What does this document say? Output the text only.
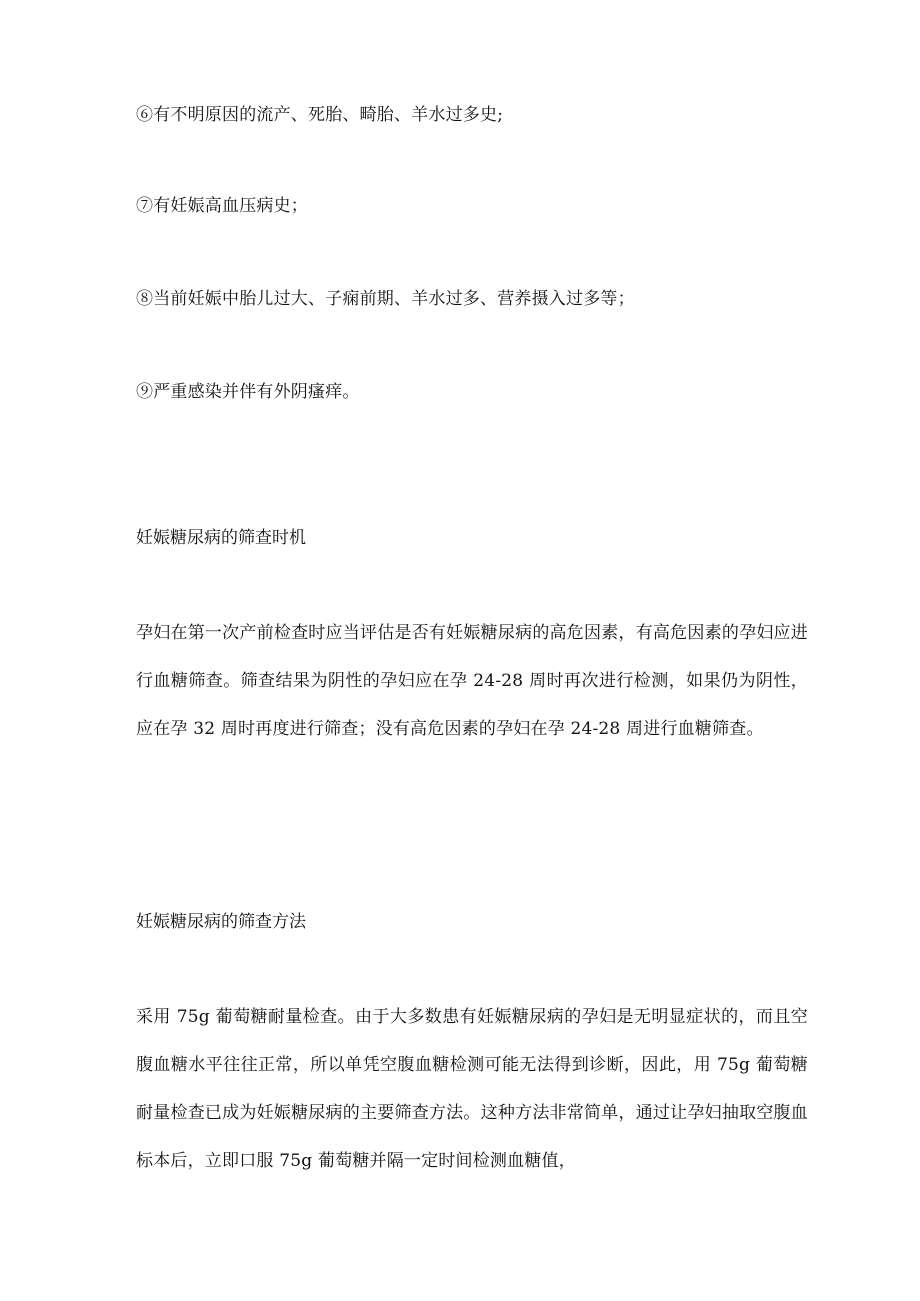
⑥有不明原因的流产、死胎、畸胎、羊水过多史;
⑦有妊娠高血压病史；
⑧当前妊娠中胎儿过大、子痫前期、羊水过多、营养摄入过多等；
⑨严重感染并伴有外阴瘙痒。
妊娠糖尿病的筛查时机
孕妇在第一次产前检查时应当评估是否有妊娠糖尿病的高危因素，有高危因素的孕妇应进行血糖筛查。筛查结果为阴性的孕妇应在孕 24-28 周时再次进行检测，如果仍为阴性，应在孕 32 周时再度进行筛查；没有高危因素的孕妇在孕 24-28 周进行血糖筛查。
妊娠糖尿病的筛查方法
采用 75g 葡萄糖耐量检查。由于大多数患有妊娠糖尿病的孕妇是无明显症状的，而且空腹血糖水平往往正常，所以单凭空腹血糖检测可能无法得到诊断，因此，用 75g 葡萄糖耐量检查已成为妊娠糖尿病的主要筛查方法。这种方法非常简单，通过让孕妇抽取空腹血标本后，立即口服 75g 葡萄糖并隔一定时间检测血糖值，
